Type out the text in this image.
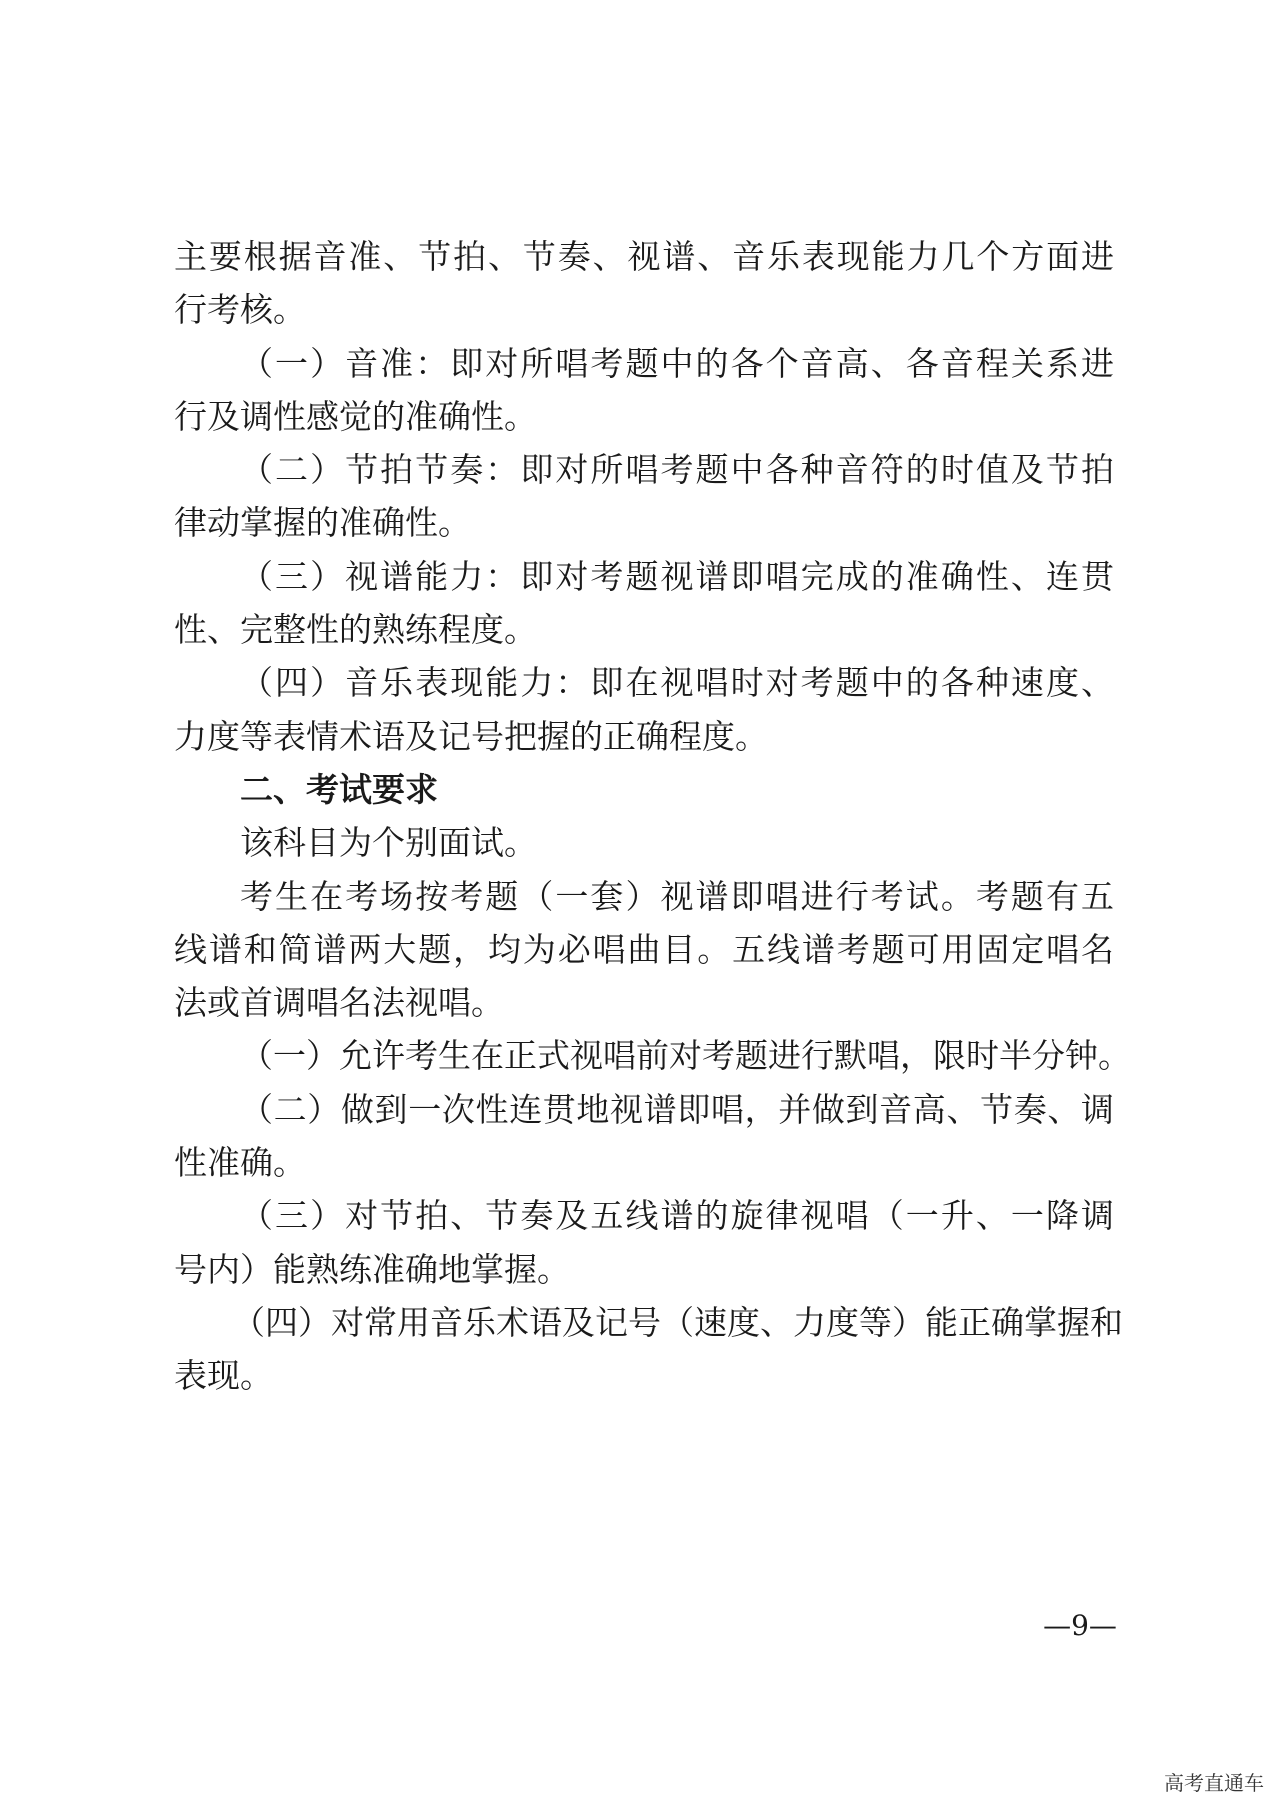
主要根据音准、节拍、节奏、视谱、音乐表现能力几个方面进
行考核。
（一）音准：即对所唱考题中的各个音高、各音程关系进
行及调性感觉的准确性。
（二）节拍节奏：即对所唱考题中各种音符的时值及节拍
律动掌握的准确性。
（三）视谱能力：即对考题视谱即唱完成的准确性、连贯
性、完整性的熟练程度。
（四）音乐表现能力：即在视唱时对考题中的各种速度、
力度等表情术语及记号把握的正确程度。
二、考试要求
该科目为个别面试。
考生在考场按考题（一套）视谱即唱进行考试。考题有五
线谱和简谱两大题，均为必唱曲目。五线谱考题可用固定唱名
法或首调唱名法视唱。
（一）允许考生在正式视唱前对考题进行默唱，限时半分钟。
（二）做到一次性连贯地视谱即唱，并做到音高、节奏、调
性准确。
（三）对节拍、节奏及五线谱的旋律视唱（一升、一降调
号内）能熟练准确地掌握。
（四）对常用音乐术语及记号（速度、力度等）能正确掌握和
表现。
—9—
高考直通车
